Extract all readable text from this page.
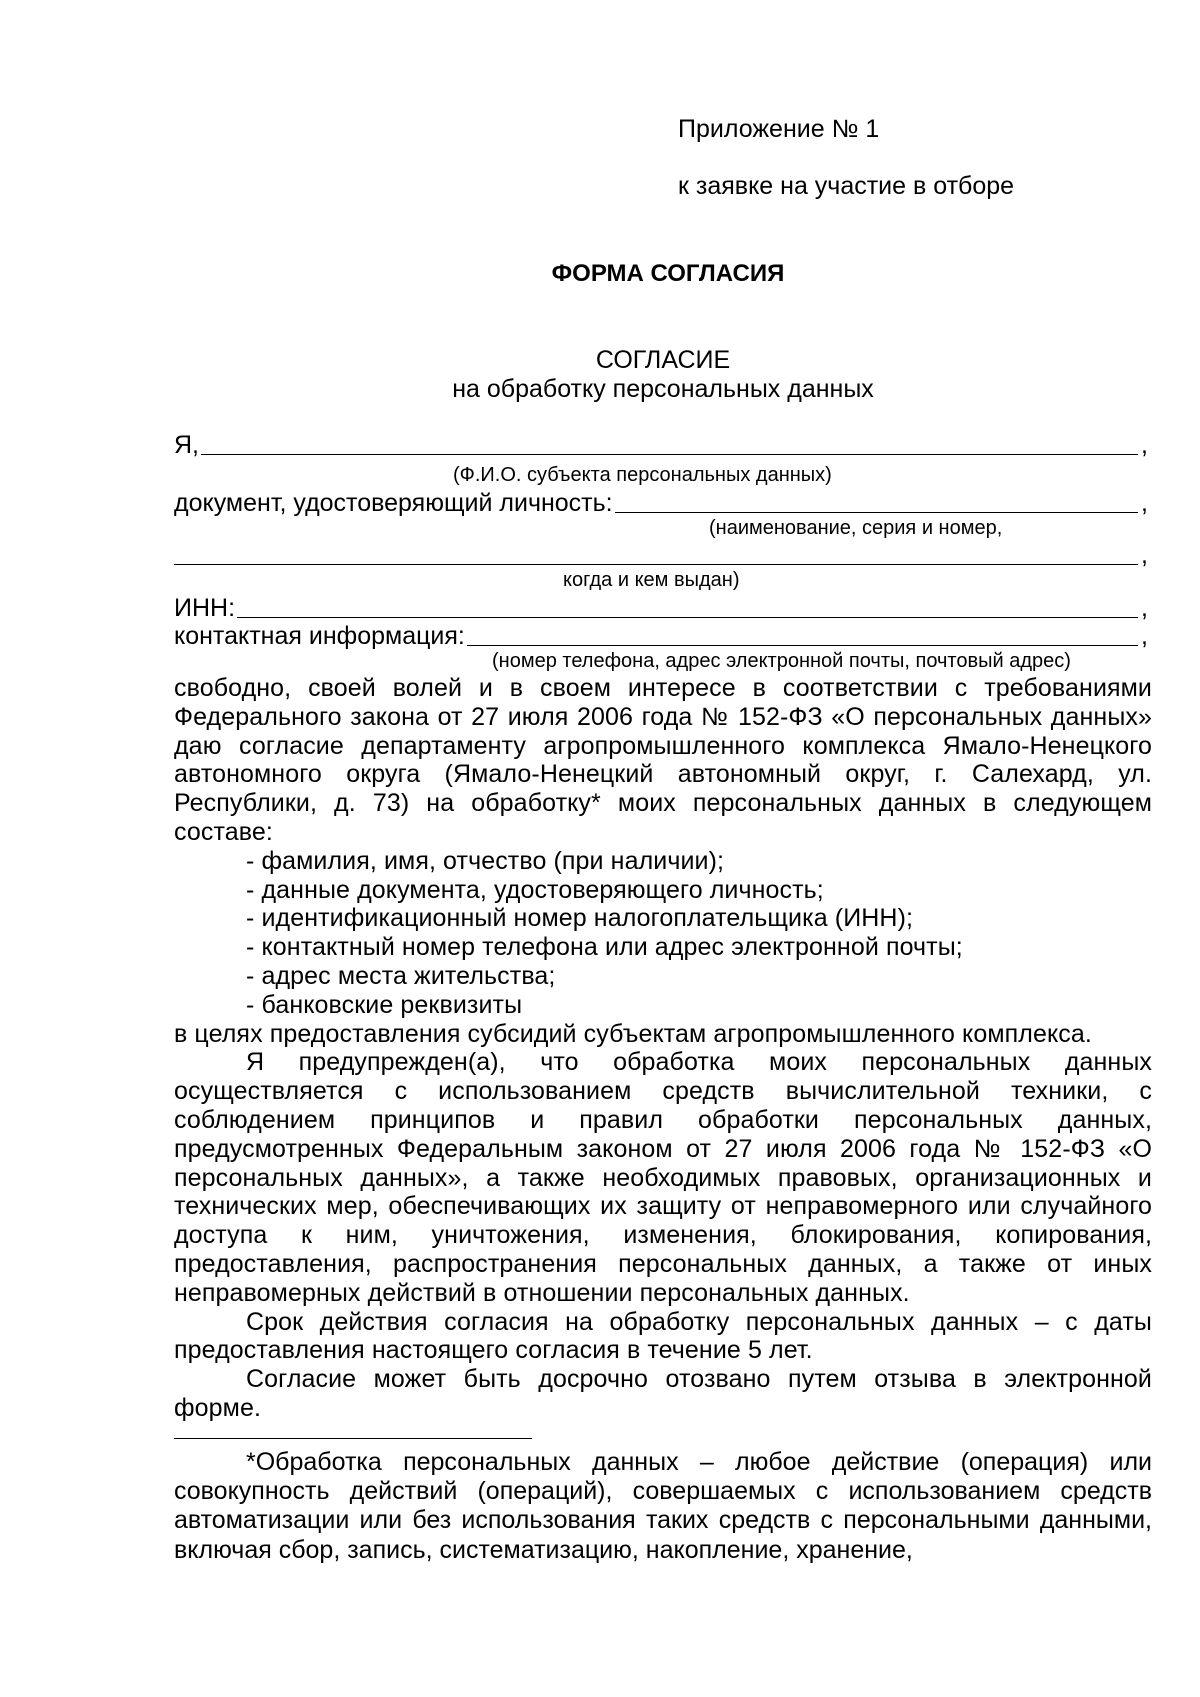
Приложение № 1
к заявке на участие в отборе
ФОРМА СОГЛАСИЯ
СОГЛАСИЕ
на обработку персональных данных
Я,	,
(Ф.И.О. субъекта персональных данных)
документ, удостоверяющий личность:	,
(наименование, серия и номер,
,
когда и кем выдан)
ИНН:	,
контактная информация:	,
(номер телефона, адрес электронной почты, почтовый адрес)

свободно, своей волей и в своем интересе в соответствии с требованиями Федерального закона от 27 июля 2006 года № 152-ФЗ «О персональных данных» даю согласие департаменту агропромышленного комплекса Ямало-Ненецкого автономного округа (Ямало-Ненецкий автономный округ, г. Салехард, ул. Республики, д. 73) на обработку* моих персональных данных в следующем составе:

- фамилия, имя, отчество (при наличии);

- данные документа, удостоверяющего личность;

- идентификационный номер налогоплательщика (ИНН);

- контактный номер телефона или адрес электронной почты;

- адрес места жительства;

- банковские реквизиты

в целях предоставления субсидий субъектам агропромышленного комплекса.

Я предупрежден(а), что обработка моих персональных данных осуществляется с использованием средств вычислительной техники, с соблюдением принципов и правил обработки персональных данных, предусмотренных Федеральным законом от 27 июля 2006 года № 152-ФЗ «О персональных данных», а также необходимых правовых, организационных и технических мер, обеспечивающих их защиту от неправомерного или случайного доступа к ним, уничтожения, изменения, блокирования, копирования, предоставления, распространения персональных данных, а также от иных неправомерных действий в отношении персональных данных.

Срок действия согласия на обработку персональных данных – с даты предоставления настоящего согласия в течение 5 лет.

Согласие может быть досрочно отозвано путем отзыва в электронной форме.

*Обработка персональных данных – любое действие (операция) или совокупность действий (операций), совершаемых с использованием средств автоматизации или без использования таких средств с персональными данными, включая сбор, запись, систематизацию, накопление, хранение,
